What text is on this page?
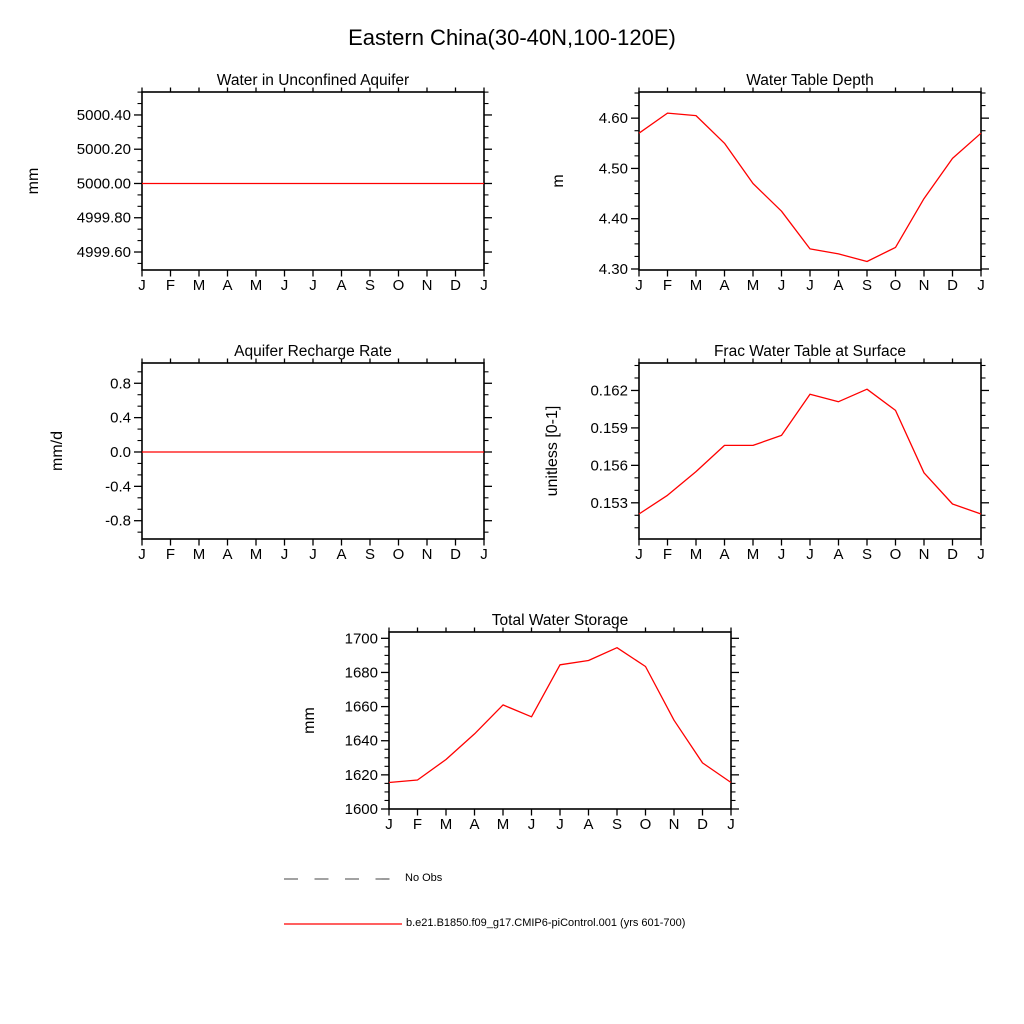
Water in Unconfined Aquifer
mm
J F M A M J J A S O N D J
4999.60
4999.80
5000.00
5000.20
5000.40
Water Table Depth
m
J F M A M J J A S O N D J
4.30
4.40
4.50
4.60
Aquifer Recharge Rate
mm/d
J F M A M J J A S O N D J
-0.8
-0.4
0.0
0.4
0.8
Frac Water Table at Surface
unitless [0-1]
J F M A M J J A S O N D J
0.153
0.156
0.159
0.162
Total Water Storage
mm
J F M A M J J A S O N D J
1600
1620
1640
1660
1680
1700
Eastern China(30-40N,100-120E)
No Obs
b.e21.B1850.f09_g17.CMIP6-piControl.001 (yrs 601-700)
